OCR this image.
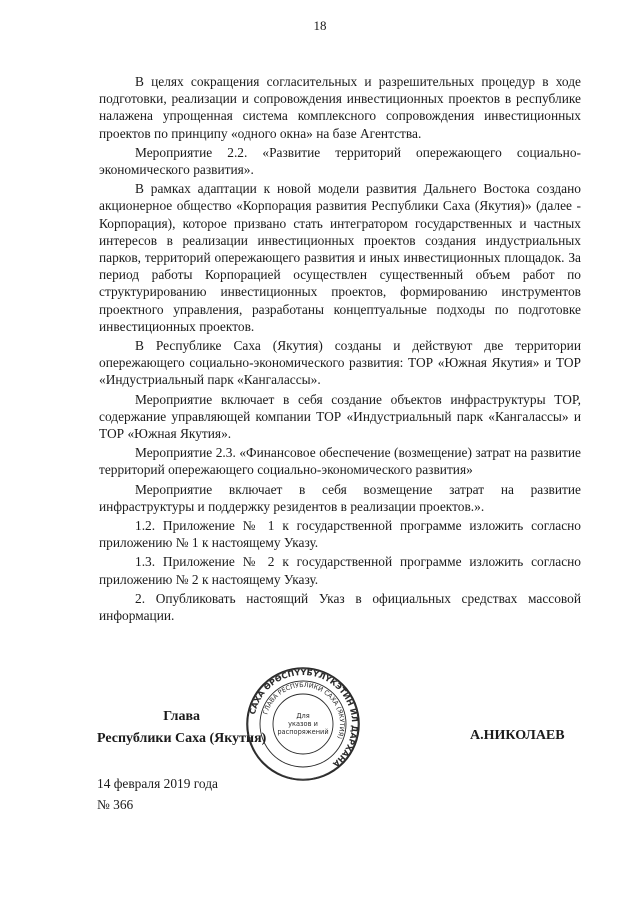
18

В целях сокращения согласительных и разрешительных процедур в ходе подготовки, реализации и сопровождения инвестиционных проектов в республике налажена упрощенная система комплексного сопровождения инвестиционных проектов по принципу «одного окна» на базе Агентства.

Мероприятие 2.2. «Развитие территорий опережающего социально-экономического развития».

В рамках адаптации к новой модели развития Дальнего Востока создано акционерное общество «Корпорация развития Республики Саха (Якутия)» (далее - Корпорация), которое призвано стать интегратором государственных и частных интересов в реализации инвестиционных проектов создания индустриальных парков, территорий опережающего развития и иных инвестиционных площадок. За период работы Корпорацией осуществлен существенный объем работ по структурированию инвестиционных проектов, формированию инструментов проектного управления, разработаны концептуальные подходы по подготовке инвестиционных проектов.

В Республике Саха (Якутия) созданы и действуют две территории опережающего социально-экономического развития: ТОР «Южная Якутия» и ТОР «Индустриальный парк «Кангалассы».

Мероприятие включает в себя создание объектов инфраструктуры ТОР, содержание управляющей компании ТОР «Индустриальный парк «Кангалассы» и ТОР «Южная Якутия».

Мероприятие 2.3. «Финансовое обеспечение (возмещение) затрат на развитие территорий опережающего социально-экономического развития»

Мероприятие включает в себя возмещение затрат на развитие инфраструктуры и поддержку резидентов в реализации проектов.».

1.2. Приложение № 1 к государственной программе изложить согласно приложению № 1 к настоящему Указу.

1.3. Приложение № 2 к государственной программе изложить согласно приложению № 2 к настоящему Указу.

2. Опубликовать настоящий Указ в официальных средствах массовой информации.

Глава
Республики Саха (Якутия)	А.НИКОЛАЕВ
САХА ӨРӨСПҮҮБҮЛҮКЭТИН ИЛ ДАРХАНА
ГЛАВА РЕСПУБЛИКИ САХА (ЯКУТИЯ)
Для
указов и
распоряжений
14 февраля 2019 года
№ 366
